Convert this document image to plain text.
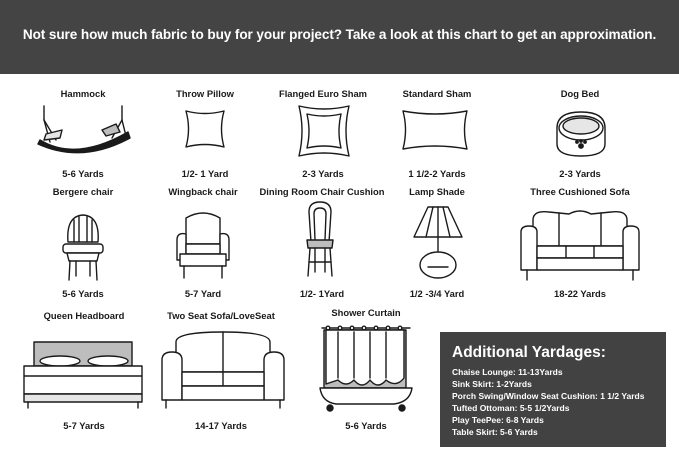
Not sure how much fabric to buy for your project? Take a look at this chart to get an approximation.
Hammock
5-6 Yards
Throw Pillow
1/2- 1 Yard
Flanged Euro Sham
2-3 Yards
Standard Sham
1 1/2-2 Yards
Dog Bed
2-3 Yards
Bergere chair
5-6 Yards
Wingback chair
5-7 Yard
Dining Room Chair Cushion
1/2- 1Yard
Lamp Shade
1/2 -3/4 Yard
Three Cushioned Sofa
18-22 Yards
Queen Headboard
5-7 Yards
Two Seat Sofa/LoveSeat
14-17 Yards
Shower Curtain
5-6 Yards
Additional Yardages:
Chaise Lounge: 11-13Yards
Sink Skirt: 1-2Yards
Porch Swing/Window Seat Cushion: 1 1/2 Yards
Tufted Ottoman: 5-5 1/2Yards
Play TeePee: 6-8 Yards
Table Skirt: 5-6 Yards
